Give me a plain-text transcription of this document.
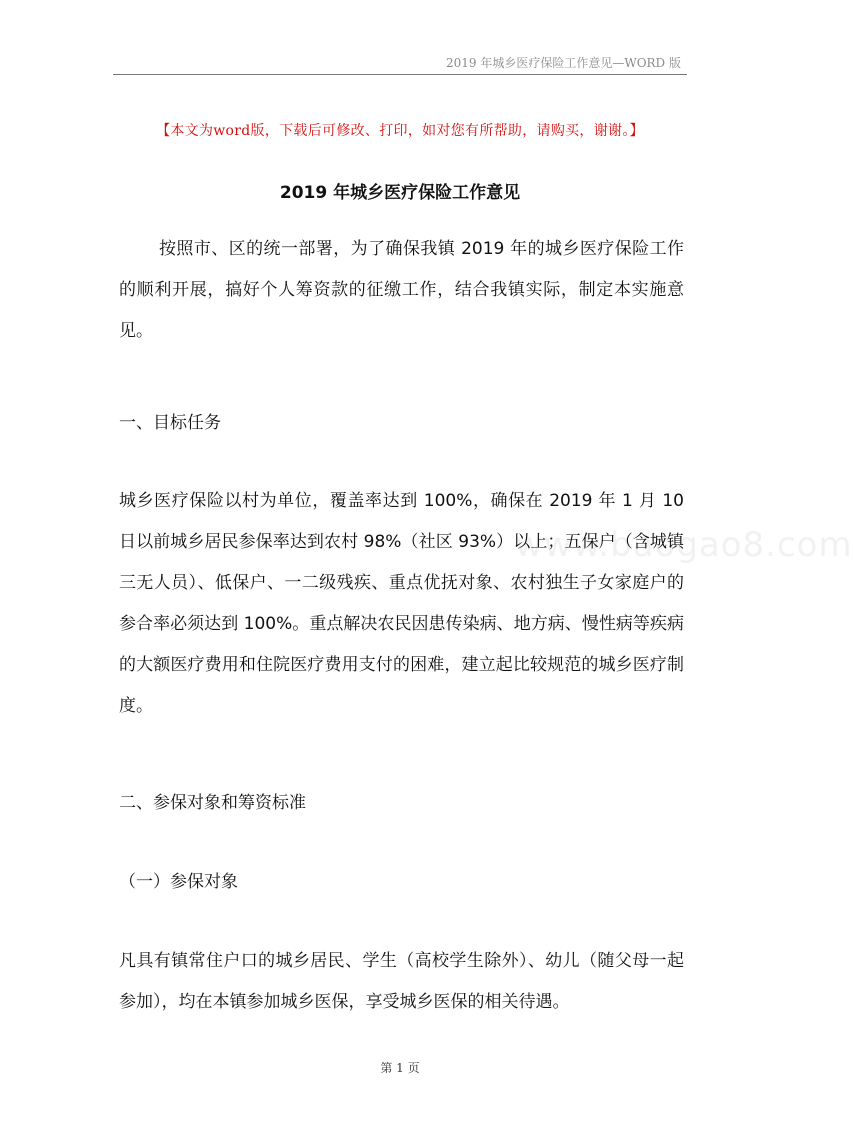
2019 年城乡医疗保险工作意见—WORD 版
【本文为word版，下载后可修改、打印，如对您有所帮助，请购买，谢谢。】
2019 年城乡医疗保险工作意见
按照市、区的统一部署，为了确保我镇 2019 年的城乡医疗保险工作的顺利开展，搞好个人筹资款的征缴工作，结合我镇实际，制定本实施意见。
一、目标任务
城乡医疗保险以村为单位，覆盖率达到 100%，确保在 2019 年 1 月 10 日以前城乡居民参保率达到农村 98%（社区 93%）以上；五保户（含城镇三无人员）、低保户、一二级残疾、重点优抚对象、农村独生子女家庭户的参合率必须达到 100%。重点解决农民因患传染病、地方病、慢性病等疾病的大额医疗费用和住院医疗费用支付的困难，建立起比较规范的城乡医疗制度。
二、参保对象和筹资标准
（一）参保对象
凡具有镇常住户口的城乡居民、学生（高校学生除外）、幼儿（随父母一起参加），均在本镇参加城乡医保，享受城乡医保的相关待遇。
www.baogao8.com
第 1 页
